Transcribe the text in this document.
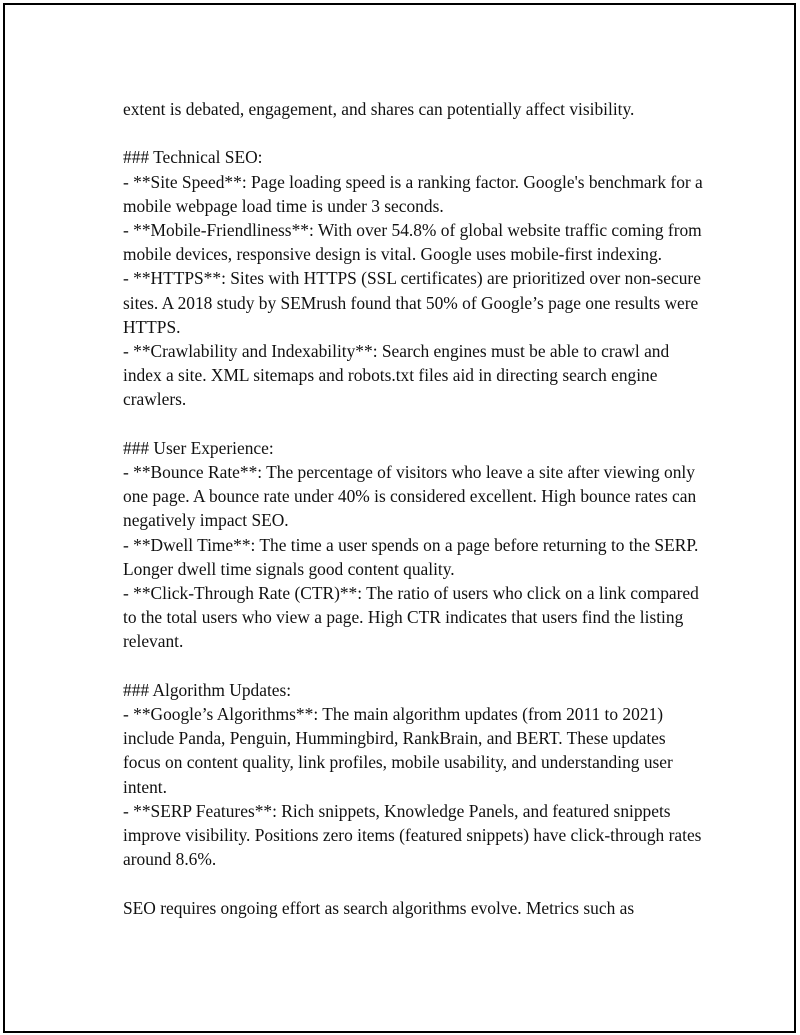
extent is debated, engagement, and shares can potentially affect visibility.

### Technical SEO:

- **Site Speed**: Page loading speed is a ranking factor. Google's benchmark for a mobile webpage load time is under 3 seconds.

- **Mobile-Friendliness**: With over 54.8% of global website traffic coming from mobile devices, responsive design is vital. Google uses mobile-first indexing.

- **HTTPS**: Sites with HTTPS (SSL certificates) are prioritized over non-secure sites. A 2018 study by SEMrush found that 50% of Google’s page one results were HTTPS.

- **Crawlability and Indexability**: Search engines must be able to crawl and index a site. XML sitemaps and robots.txt files aid in directing search engine crawlers.

### User Experience:

- **Bounce Rate**: The percentage of visitors who leave a site after viewing only one page. A bounce rate under 40% is considered excellent. High bounce rates can negatively impact SEO.

- **Dwell Time**: The time a user spends on a page before returning to the SERP. Longer dwell time signals good content quality.

- **Click-Through Rate (CTR)**: The ratio of users who click on a link compared to the total users who view a page. High CTR indicates that users find the listing relevant.

### Algorithm Updates:

- **Google’s Algorithms**: The main algorithm updates (from 2011 to 2021) include Panda, Penguin, Hummingbird, RankBrain, and BERT. These updates focus on content quality, link profiles, mobile usability, and understanding user intent.

- **SERP Features**: Rich snippets, Knowledge Panels, and featured snippets improve visibility. Positions zero items (featured snippets) have click-through rates around 8.6%.

SEO requires ongoing effort as search algorithms evolve. Metrics such as
